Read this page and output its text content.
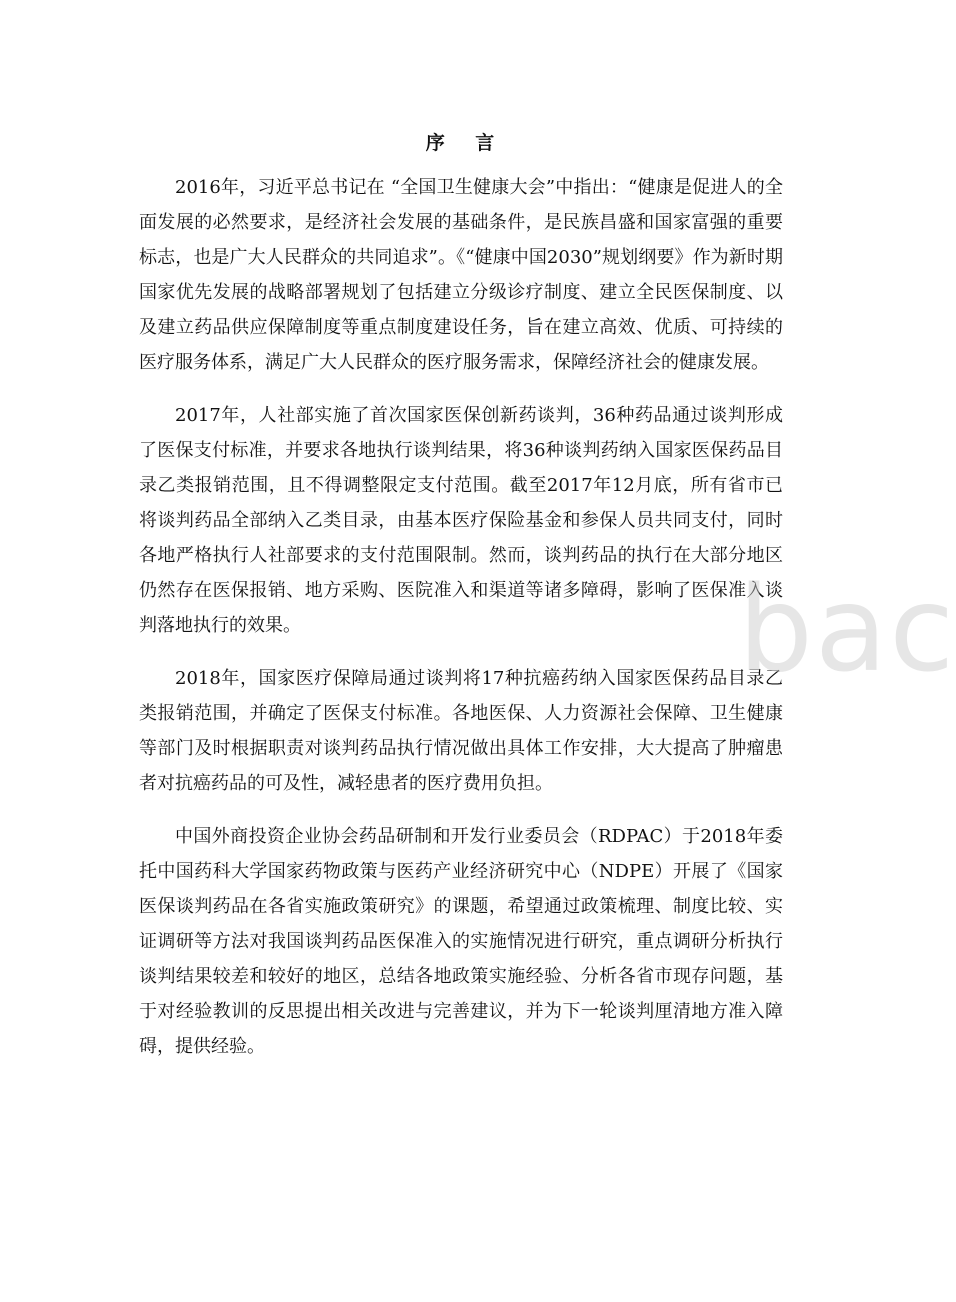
序 言

2016年，习近平总书记在 “全国卫生健康大会”中指出：“健康是促进人的全面发展的必然要求，是经济社会发展的基础条件，是民族昌盛和国家富强的重要标志，也是广大人民群众的共同追求”。《“健康中国2030”规划纲要》作为新时期国家优先发展的战略部署规划了包括建立分级诊疗制度、建立全民医保制度、以及建立药品供应保障制度等重点制度建设任务，旨在建立高效、优质、可持续的医疗服务体系，满足广大人民群众的医疗服务需求，保障经济社会的健康发展。

2017年，人社部实施了首次国家医保创新药谈判，36种药品通过谈判形成了医保支付标准，并要求各地执行谈判结果，将36种谈判药纳入国家医保药品目录乙类报销范围，且不得调整限定支付范围。截至2017年12月底，所有省市已将谈判药品全部纳入乙类目录，由基本医疗保险基金和参保人员共同支付，同时各地严格执行人社部要求的支付范围限制。然而，谈判药品的执行在大部分地区仍然存在医保报销、地方采购、医院准入和渠道等诸多障碍，影响了医保准入谈判落地执行的效果。

2018年，国家医疗保障局通过谈判将17种抗癌药纳入国家医保药品目录乙类报销范围，并确定了医保支付标准。各地医保、人力资源社会保障、卫生健康等部门及时根据职责对谈判药品执行情况做出具体工作安排，大大提高了肿瘤患者对抗癌药品的可及性，减轻患者的医疗费用负担。

中国外商投资企业协会药品研制和开发行业委员会（RDPAC）于2018年委托中国药科大学国家药物政策与医药产业经济研究中心（NDPE）开展了《国家医保谈判药品在各省实施政策研究》的课题，希望通过政策梳理、制度比较、实证调研等方法对我国谈判药品医保准入的实施情况进行研究，重点调研分析执行谈判结果较差和较好的地区，总结各地政策实施经验、分析各省市现存问题，基于对经验教训的反思提出相关改进与完善建议，并为下一轮谈判厘清地方准入障碍，提供经验。

bac
